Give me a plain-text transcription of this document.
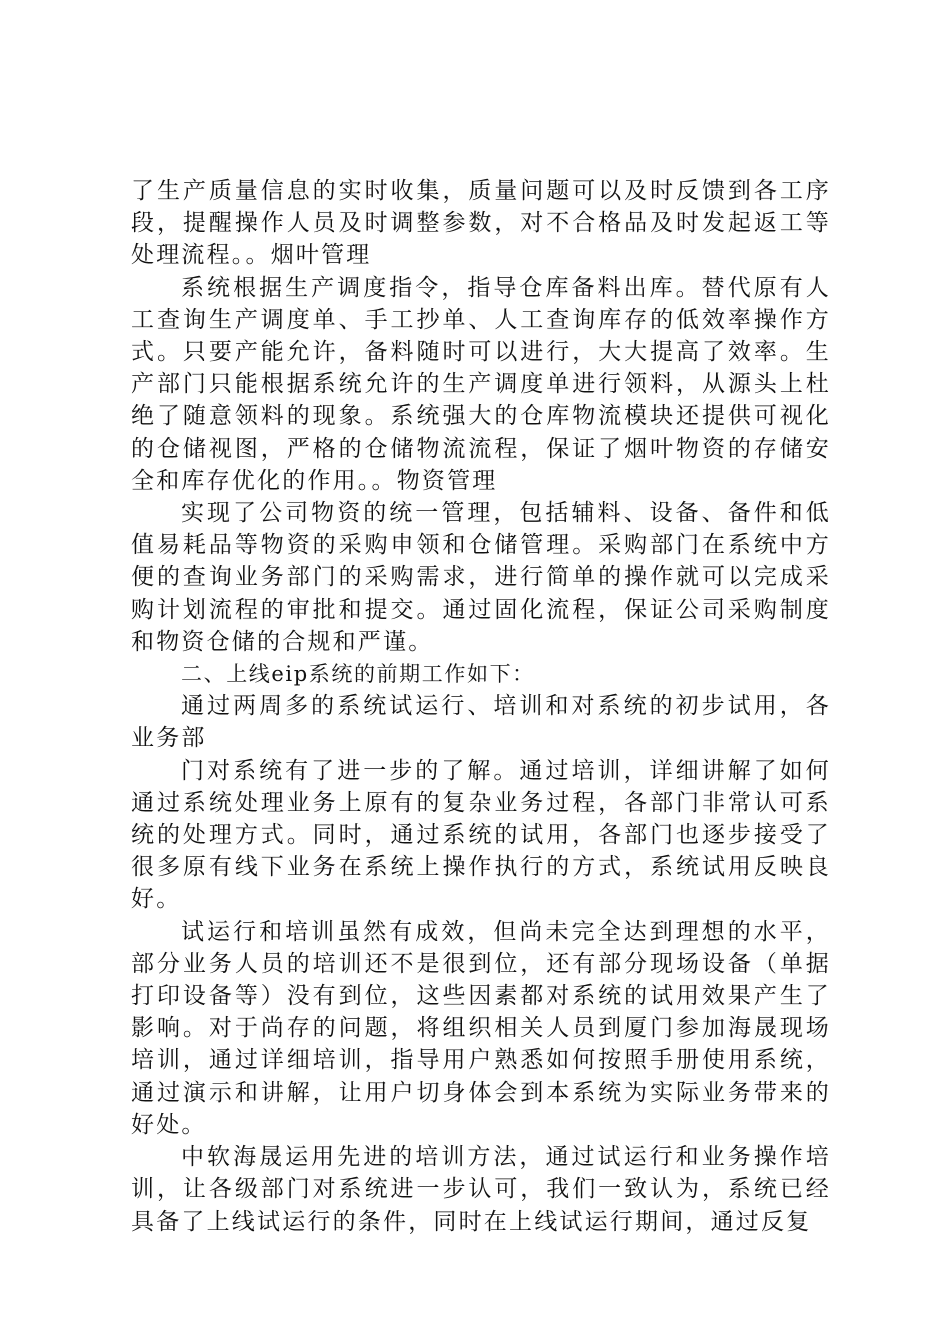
了生产质量信息的实时收集，质量问题可以及时反馈到各工序段，提醒操作人员及时调整参数，对不合格品及时发起返工等处理流程。。烟叶管理

系统根据生产调度指令，指导仓库备料出库。替代原有人工查询生产调度单、手工抄单、人工查询库存的低效率操作方式。只要产能允许，备料随时可以进行，大大提高了效率。生产部门只能根据系统允许的生产调度单进行领料，从源头上杜绝了随意领料的现象。系统强大的仓库物流模块还提供可视化的仓储视图，严格的仓储物流流程，保证了烟叶物资的存储安全和库存优化的作用。。物资管理

实现了公司物资的统一管理，包括辅料、设备、备件和低值易耗品等物资的采购申领和仓储管理。采购部门在系统中方便的查询业务部门的采购需求，进行简单的操作就可以完成采购计划流程的审批和提交。通过固化流程，保证公司采购制度和物资仓储的合规和严谨。

二、上线eip系统的前期工作如下：

通过两周多的系统试运行、培训和对系统的初步试用，各业务部

门对系统有了进一步的了解。通过培训，详细讲解了如何通过系统处理业务上原有的复杂业务过程，各部门非常认可系统的处理方式。同时，通过系统的试用，各部门也逐步接受了很多原有线下业务在系统上操作执行的方式，系统试用反映良好。

试运行和培训虽然有成效，但尚未完全达到理想的水平，部分业务人员的培训还不是很到位，还有部分现场设备（单据打印设备等）没有到位，这些因素都对系统的试用效果产生了影响。对于尚存的问题，将组织相关人员到厦门参加海晟现场培训，通过详细培训，指导用户熟悉如何按照手册使用系统，通过演示和讲解，让用户切身体会到本系统为实际业务带来的好处。

中软海晟运用先进的培训方法，通过试运行和业务操作培训，让各级部门对系统进一步认可，我们一致认为，系统已经具备了上线试运行的条件，同时在上线试运行期间，通过反复
